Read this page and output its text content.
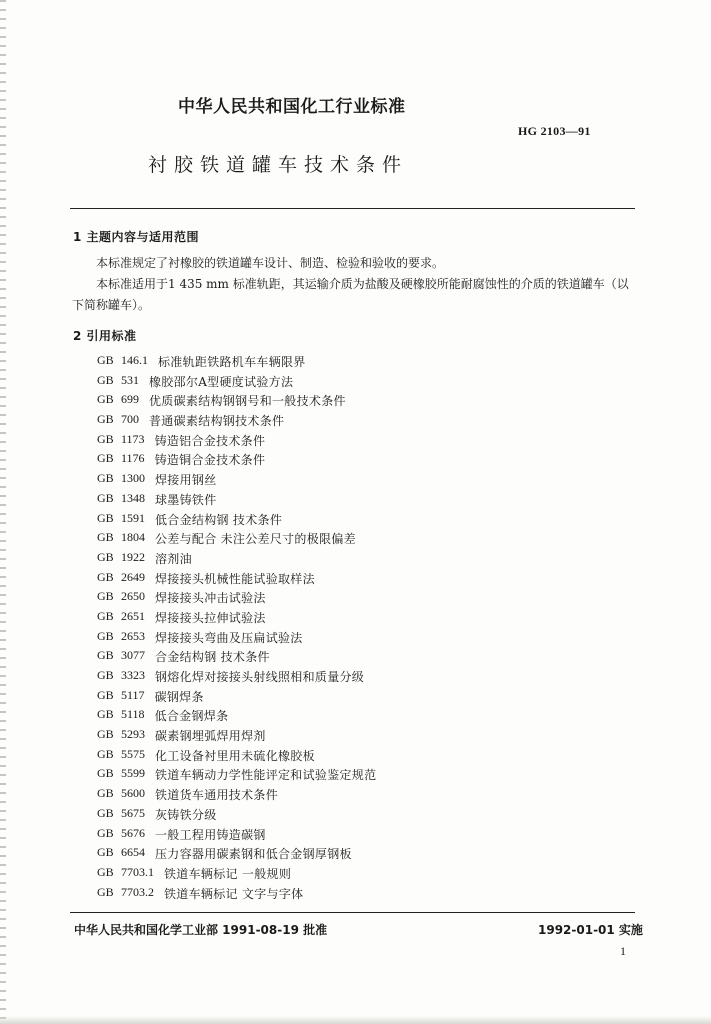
中华人民共和国化工行业标准
HG 2103—91
衬胶铁道罐车技术条件
1 主题内容与适用范围
本标准规定了衬橡胶的铁道罐车设计、制造、检验和验收的要求。
本标准适用于1 435 mm 标准轨距，其运输介质为盐酸及硬橡胶所能耐腐蚀性的介质的铁道罐车（以下简称罐车）。
2 引用标准
GB 146.1 标准轨距铁路机车车辆限界
GB 531 橡胶邵尔A型硬度试验方法
GB 699 优质碳素结构钢钢号和一般技术条件
GB 700 普通碳素结构钢技术条件
GB 1173 铸造铝合金技术条件
GB 1176 铸造铜合金技术条件
GB 1300 焊接用钢丝
GB 1348 球墨铸铁件
GB 1591 低合金结构钢 技术条件
GB 1804 公差与配合 未注公差尺寸的极限偏差
GB 1922 溶剂油
GB 2649 焊接接头机械性能试验取样法
GB 2650 焊接接头冲击试验法
GB 2651 焊接接头拉伸试验法
GB 2653 焊接接头弯曲及压扁试验法
GB 3077 合金结构钢 技术条件
GB 3323 钢熔化焊对接接头射线照相和质量分级
GB 5117 碳钢焊条
GB 5118 低合金钢焊条
GB 5293 碳素钢埋弧焊用焊剂
GB 5575 化工设备衬里用未硫化橡胶板
GB 5599 铁道车辆动力学性能评定和试验鉴定规范
GB 5600 铁道货车通用技术条件
GB 5675 灰铸铁分级
GB 5676 一般工程用铸造碳钢
GB 6654 压力容器用碳素钢和低合金钢厚钢板
GB 7703.1 铁道车辆标记 一般规则
GB 7703.2 铁道车辆标记 文字与字体
中华人民共和国化学工业部 1991-08-19 批准	1992-01-01 实施
1
